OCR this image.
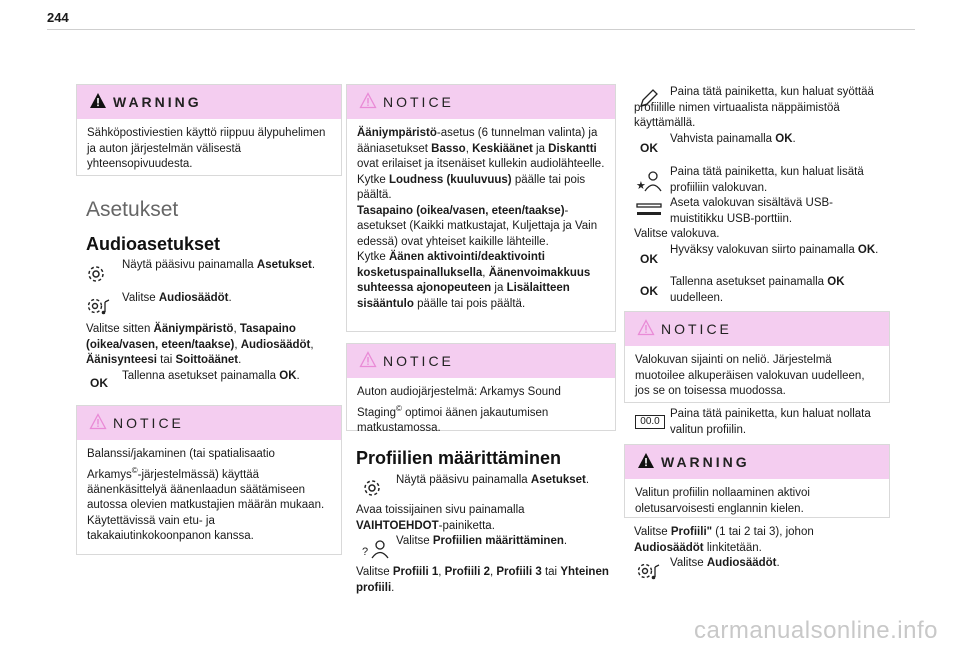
244
WARNING
Sähköpostiviestien käyttö riippuu älypuhelimen ja auton järjestelmän välisestä yhteensopivuudesta.
Asetukset
Audioasetukset
Näytä pääsivu painamalla Asetukset.
Valitse Audiosäädöt.
Valitse sitten Ääniympäristö, Tasapaino (oikea/vasen, eteen/taakse), Audiosäädöt, Äänisynteesi tai Soittoäänet.
OK Tallenna asetukset painamalla OK.
NOTICE
Balanssi/jakaminen (tai spatialisaatio Arkamys©-järjestelmässä) käyttää äänenkäsittelyä äänenlaadun säätämiseen autossa olevien matkustajien määrän mukaan.
Käytettävissä vain etu- ja takakaiutinkokoonpanon kanssa.
NOTICE
Ääniympäristö-asetus (6 tunnelman valinta) ja ääniasetukset Basso, Keskiäänet ja Diskantti ovat erilaiset ja itsenäiset kullekin audiolähteelle.
Kytke Loudness (kuuluvuus) päälle tai pois päältä.
Tasapaino (oikea/vasen, eteen/taakse)-asetukset (Kaikki matkustajat, Kuljettaja ja Vain edessä) ovat yhteiset kaikille lähteille.
Kytke Äänen aktivointi/deaktivointi kosketuspainalluksella, Äänenvoimakkuus suhteessa ajonopeuteen ja Lisälaitteen sisääntulo päälle tai pois päältä.
NOTICE
Auton audiojärjestelmä: Arkamys Sound Staging© optimoi äänen jakautumisen matkustamossa.
Profiilien määrittäminen
Näytä pääsivu painamalla Asetukset.
Avaa toissijainen sivu painamalla VAIHTOEHDOT-painiketta.
?
Valitse Profiilien määrittäminen.
Valitse Profiili 1, Profiili 2, Profiili 3 tai Yhteinen profiili.
Paina tätä painiketta, kun haluat syöttää profiilille nimen virtuaalista näppäimistöä käyttämällä.
OK
Vahvista painamalla OK.
★
Paina tätä painiketta, kun haluat lisätä profiiliin valokuvan.
Aseta valokuvan sisältävä USB-muistitikku USB-porttiin.
Valitse valokuva.
OK
Hyväksy valokuvan siirto painamalla OK.
OK
Tallenna asetukset painamalla OK uudelleen.
NOTICE
Valokuvan sijainti on neliö. Järjestelmä muotoilee alkuperäisen valokuvan uudelleen, jos se on toisessa muodossa.
00.0
Paina tätä painiketta, kun haluat nollata valitun profiilin.
WARNING
Valitun profiilin nollaaminen aktivoi oletusarvoisesti englannin kielen.
Valitse Profiili" (1 tai 2 tai 3), johon Audiosäädöt linkitetään.
Valitse Audiosäädöt.
carmanualsonline.info
